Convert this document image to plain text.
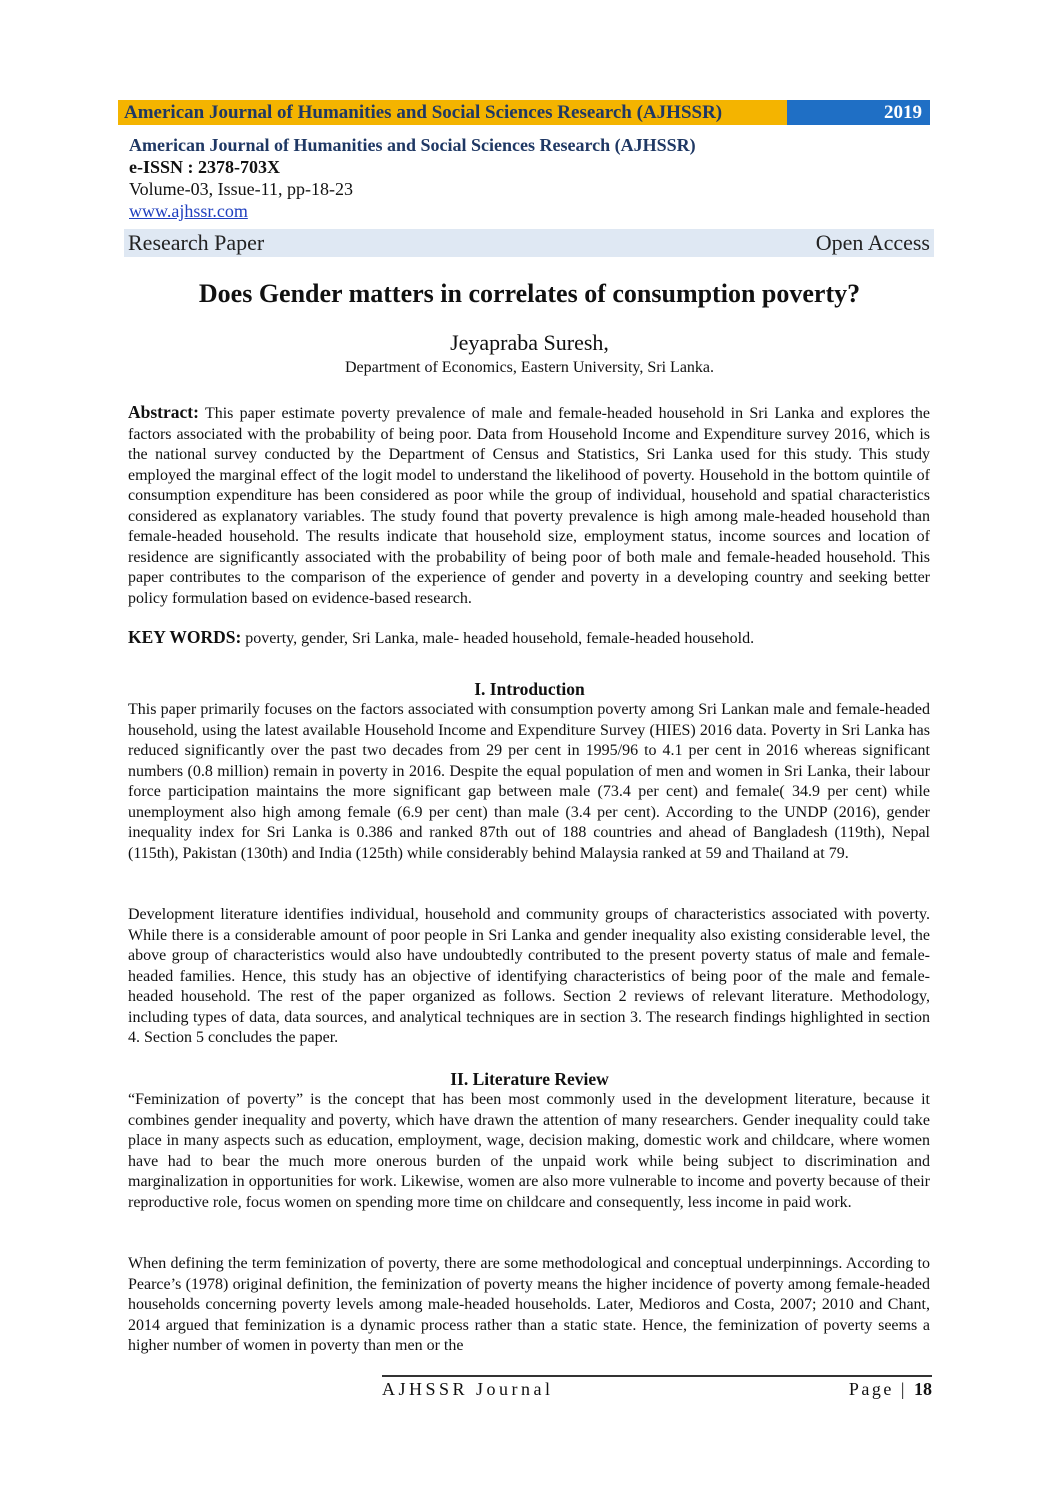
American Journal of Humanities and Social Sciences Research (AJHSSR)	2019
American Journal of Humanities and Social Sciences Research (AJHSSR)
e-ISSN : 2378-703X
Volume-03, Issue-11, pp-18-23
www.ajhssr.com
Research Paper	Open Access
Does Gender matters in correlates of consumption poverty?
Jeyapraba Suresh,
Department of Economics, Eastern University, Sri Lanka.
Abstract: This paper estimate poverty prevalence of male and female-headed household in Sri Lanka and explores the factors associated with the probability of being poor. Data from Household Income and Expenditure survey 2016, which is the national survey conducted by the Department of Census and Statistics, Sri Lanka used for this study. This study employed the marginal effect of the logit model to understand the likelihood of poverty. Household in the bottom quintile of consumption expenditure has been considered as poor while the group of individual, household and spatial characteristics considered as explanatory variables. The study found that poverty prevalence is high among male-headed household than female-headed household. The results indicate that household size, employment status, income sources and location of residence are significantly associated with the probability of being poor of both male and female-headed household. This paper contributes to the comparison of the experience of gender and poverty in a developing country and seeking better policy formulation based on evidence-based research.
KEY WORDS: poverty, gender, Sri Lanka, male- headed household, female-headed household.
I. Introduction
This paper primarily focuses on the factors associated with consumption poverty among Sri Lankan male and female-headed household, using the latest available Household Income and Expenditure Survey (HIES) 2016 data. Poverty in Sri Lanka has reduced significantly over the past two decades from 29 per cent in 1995/96 to 4.1 per cent in 2016 whereas significant numbers (0.8 million) remain in poverty in 2016. Despite the equal population of men and women in Sri Lanka, their labour force participation maintains the more significant gap between male (73.4 per cent) and female( 34.9 per cent) while unemployment also high among female (6.9 per cent) than male (3.4 per cent). According to the UNDP (2016), gender inequality index for Sri Lanka is 0.386 and ranked 87th out of 188 countries and ahead of Bangladesh (119th), Nepal (115th), Pakistan (130th) and India (125th) while considerably behind Malaysia ranked at 59 and Thailand at 79.
Development literature identifies individual, household and community groups of characteristics associated with poverty. While there is a considerable amount of poor people in Sri Lanka and gender inequality also existing considerable level, the above group of characteristics would also have undoubtedly contributed to the present poverty status of male and female-headed families. Hence, this study has an objective of identifying characteristics of being poor of the male and female-headed household. The rest of the paper organized as follows. Section 2 reviews of relevant literature. Methodology, including types of data, data sources, and analytical techniques are in section 3. The research findings highlighted in section 4. Section 5 concludes the paper.
II. Literature Review
“Feminization of poverty” is the concept that has been most commonly used in the development literature, because it combines gender inequality and poverty, which have drawn the attention of many researchers. Gender inequality could take place in many aspects such as education, employment, wage, decision making, domestic work and childcare, where women have had to bear the much more onerous burden of the unpaid work while being subject to discrimination and marginalization in opportunities for work. Likewise, women are also more vulnerable to income and poverty because of their reproductive role, focus women on spending more time on childcare and consequently, less income in paid work.
When defining the term feminization of poverty, there are some methodological and conceptual underpinnings. According to Pearce’s (1978) original definition, the feminization of poverty means the higher incidence of poverty among female-headed households concerning poverty levels among male-headed households. Later, Medioros and Costa, 2007; 2010 and Chant, 2014 argued that feminization is a dynamic process rather than a static state. Hence, the feminization of poverty seems a higher number of women in poverty than men or the
AJHSSR Journal	Page | 18
